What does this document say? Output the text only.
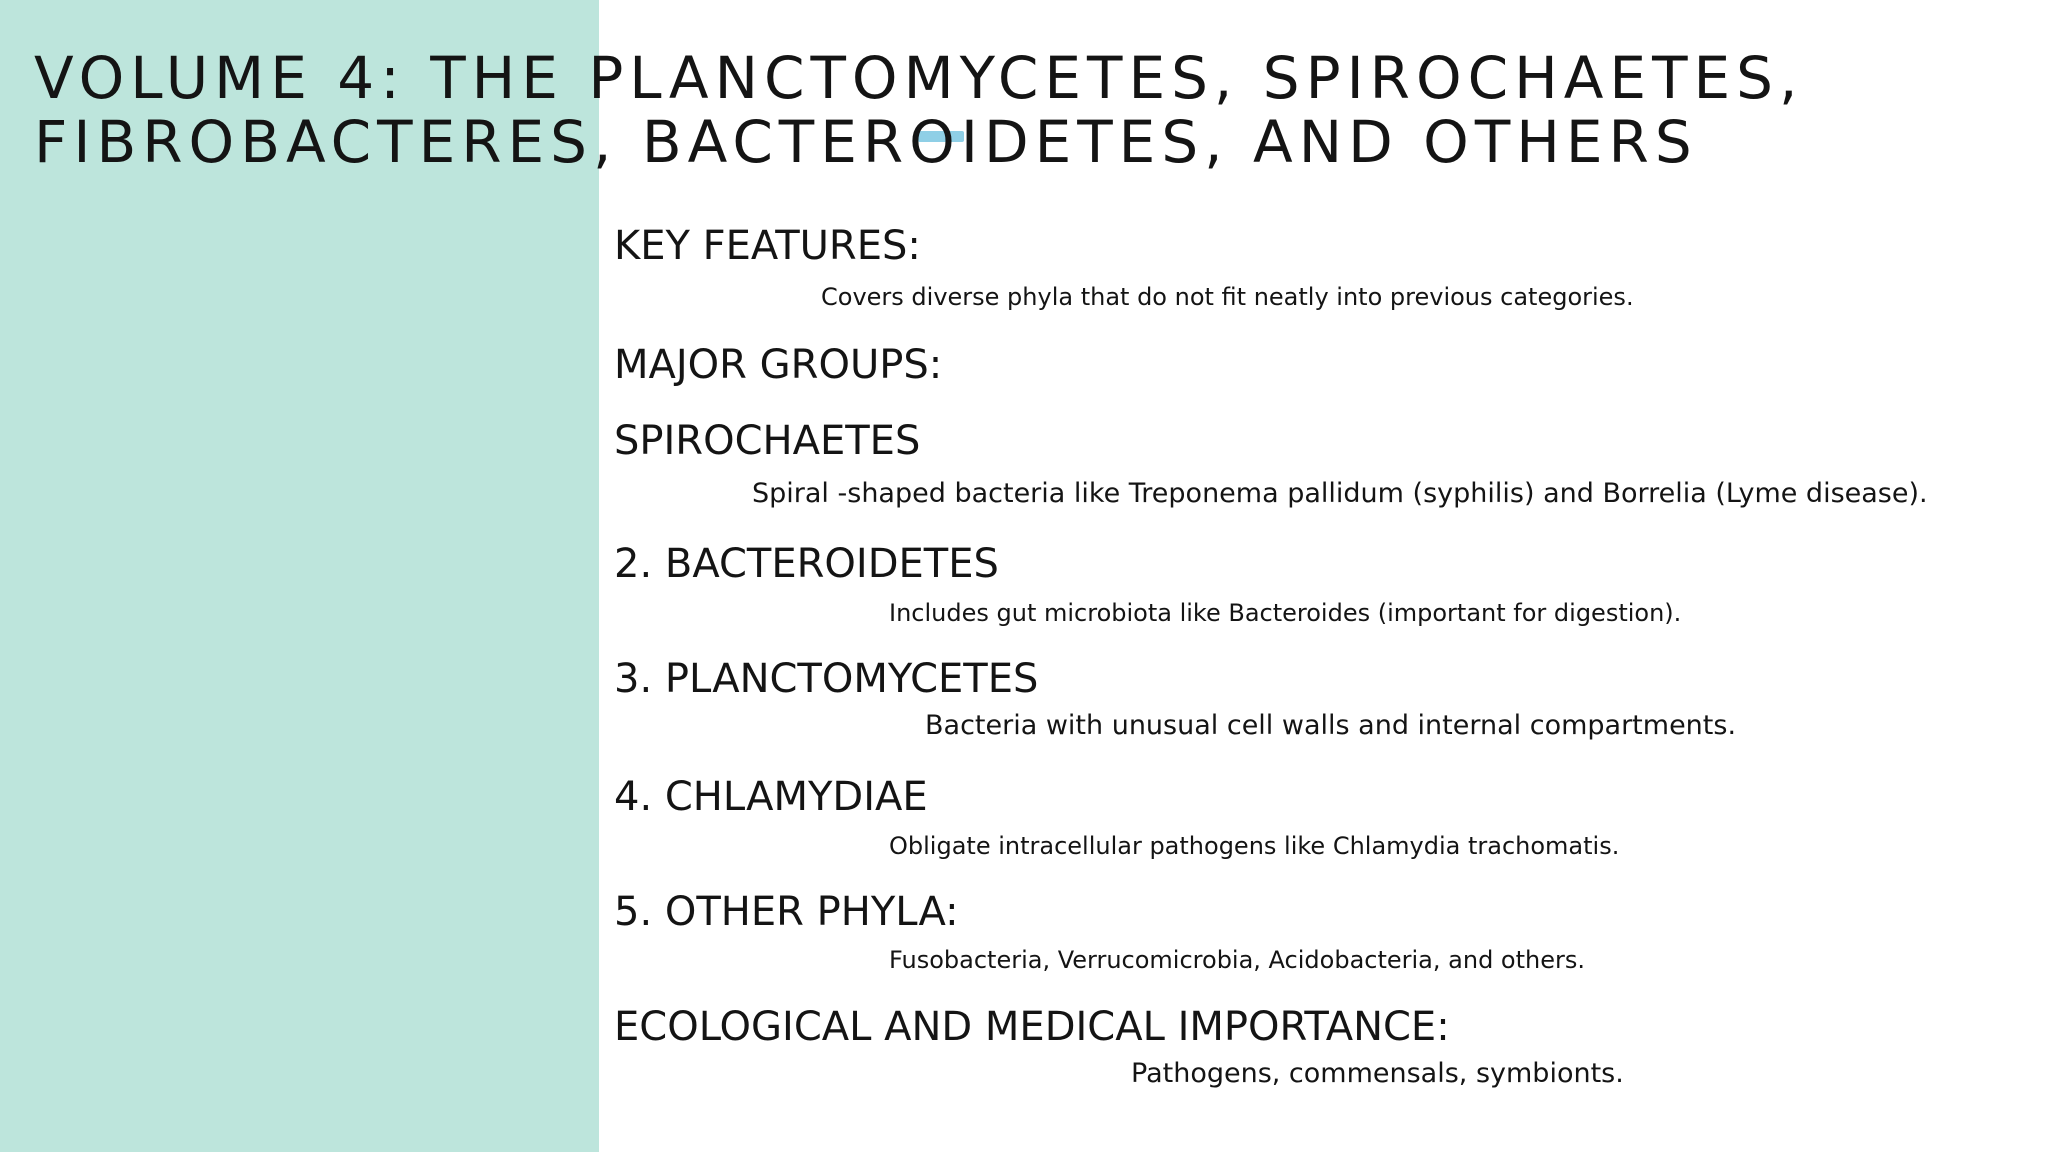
VOLUME 4: THE PLANCTOMYCETES, SPIROCHAETES,
FIBROBACTERES, BACTEROIDETES, AND OTHERS
KEY FEATURES:

Covers diverse phyla that do not fit neatly into previous categories.

MAJOR GROUPS:
SPIROCHAETES

Spiral -shaped bacteria like Treponema pallidum (syphilis) and Borrelia (Lyme disease).

2. BACTEROIDETES

Includes gut microbiota like Bacteroides (important for digestion).

3. PLANCTOMYCETES

Bacteria with unusual cell walls and internal compartments.

4. CHLAMYDIAE

Obligate intracellular pathogens like Chlamydia trachomatis.

5. OTHER PHYLA:

Fusobacteria, Verrucomicrobia, Acidobacteria, and others.

ECOLOGICAL AND MEDICAL IMPORTANCE:

Pathogens, commensals, symbionts.
